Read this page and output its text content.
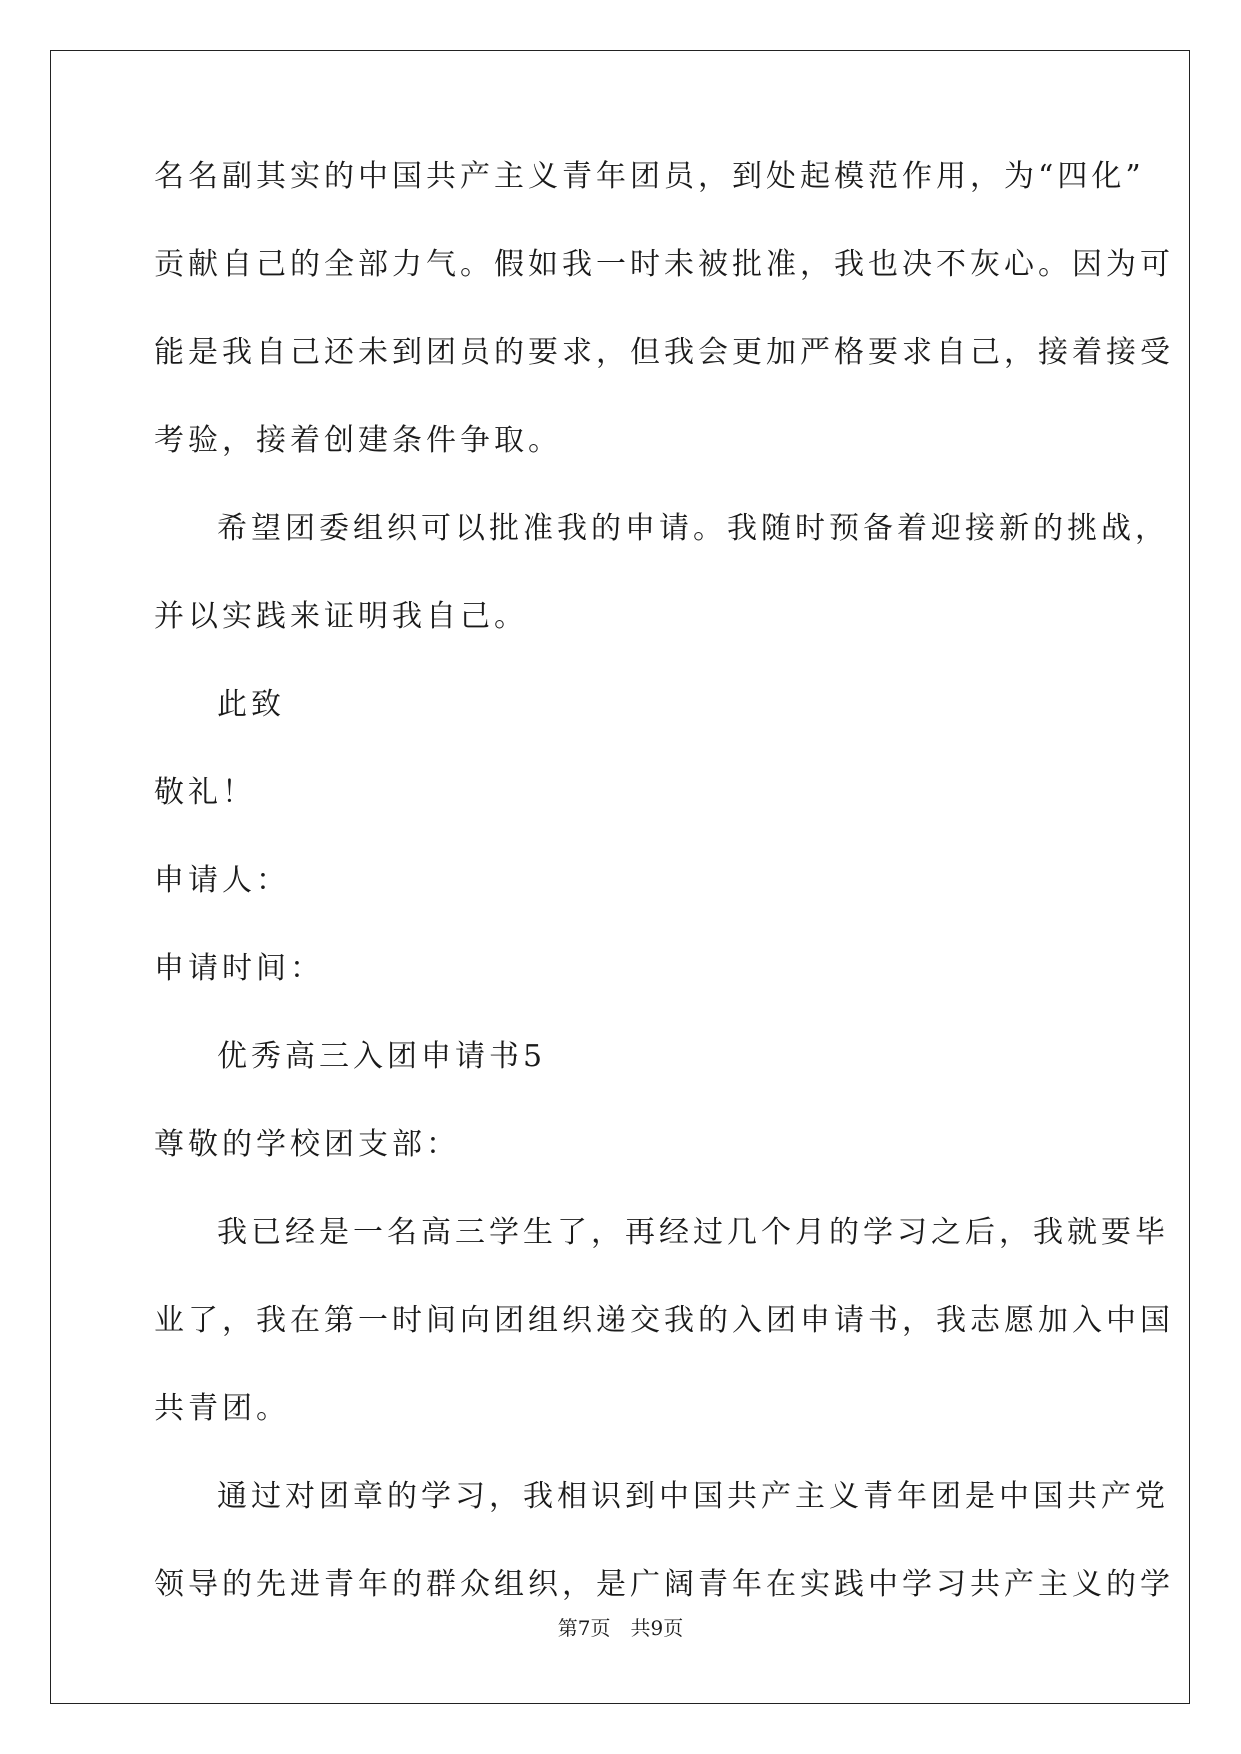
名名副其实的中国共产主义青年团员，到处起模范作用，为“四化”

贡献自己的全部力气。假如我一时未被批准，我也决不灰心。因为可

能是我自己还未到团员的要求，但我会更加严格要求自己，接着接受

考验，接着创建条件争取。

希望团委组织可以批准我的申请。我随时预备着迎接新的挑战，

并以实践来证明我自己。

此致

敬礼！

申请人：

申请时间：

优秀高三入团申请书5

尊敬的学校团支部：

我已经是一名高三学生了，再经过几个月的学习之后，我就要毕

业了，我在第一时间向团组织递交我的入团申请书，我志愿加入中国

共青团。

通过对团章的学习，我相识到中国共产主义青年团是中国共产党

领导的先进青年的群众组织，是广阔青年在实践中学习共产主义的学

第7页　共9页
